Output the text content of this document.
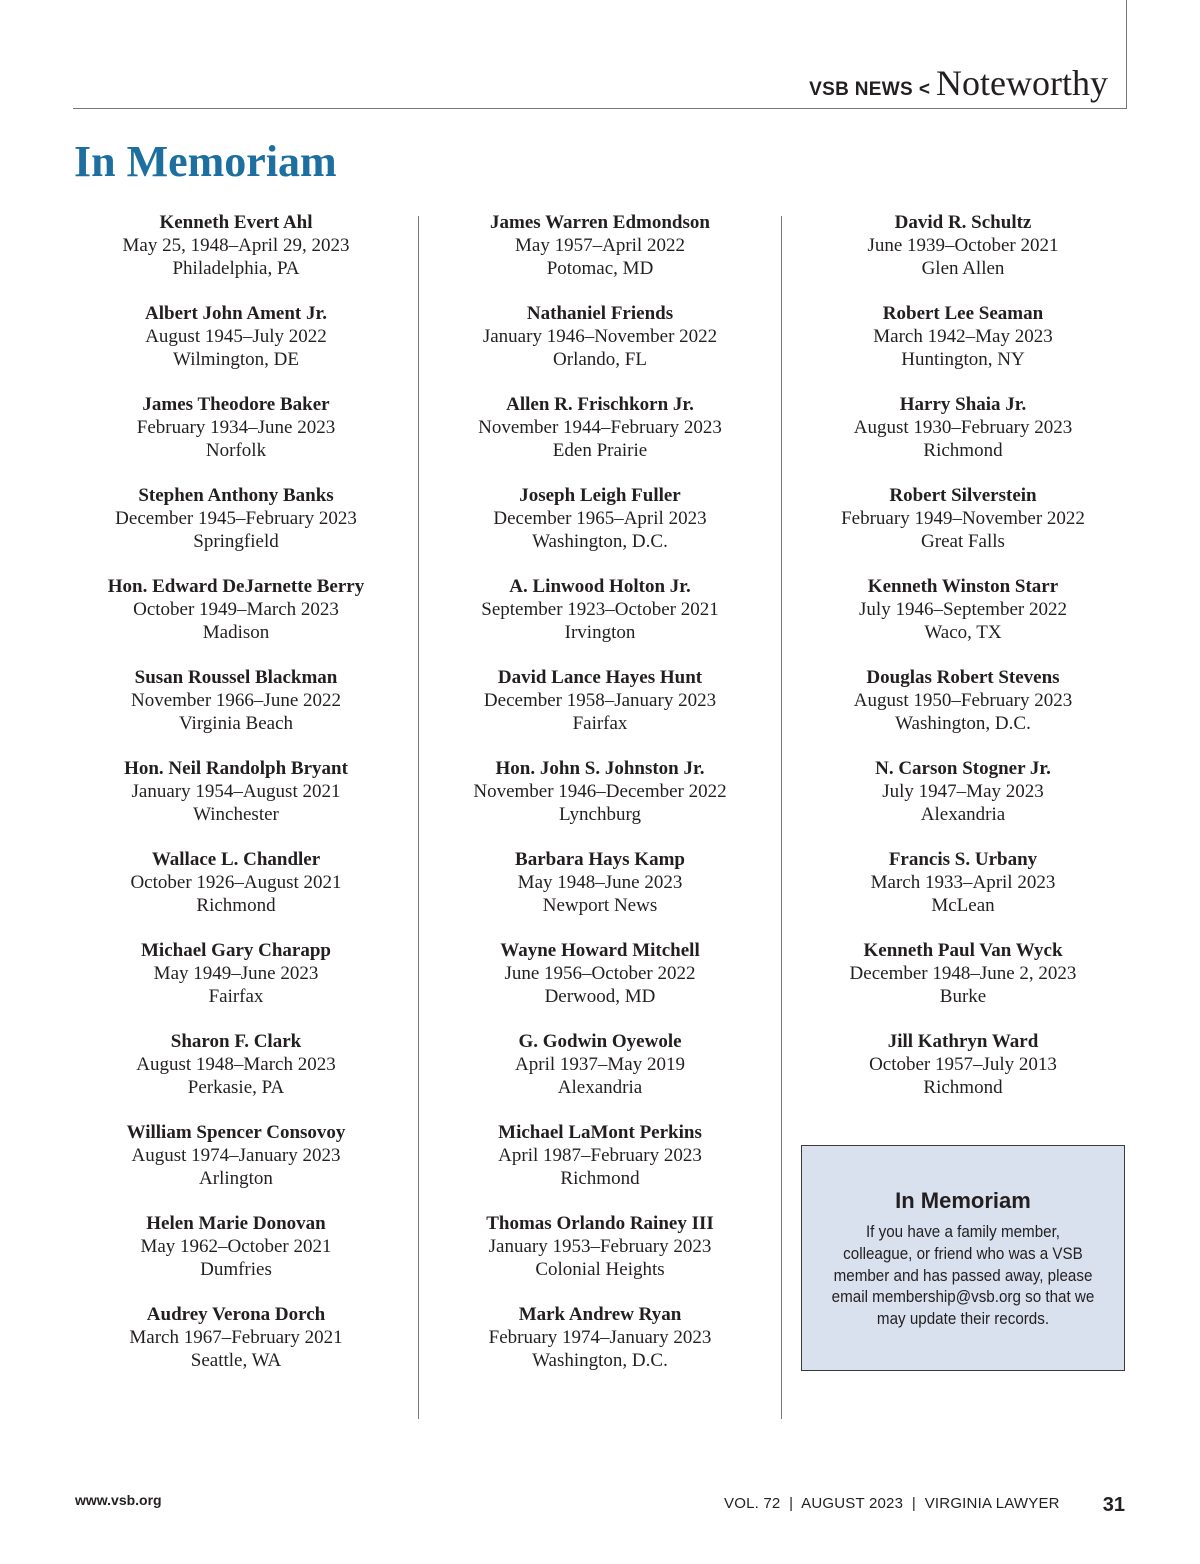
VSB NEWS < Noteworthy
In Memoriam
Kenneth Evert Ahl
May 25, 1948–April 29, 2023
Philadelphia, PA
Albert John Ament Jr.
August 1945–July 2022
Wilmington, DE
James Theodore Baker
February 1934–June 2023
Norfolk
Stephen Anthony Banks
December 1945–February 2023
Springfield
Hon. Edward DeJarnette Berry
October 1949–March 2023
Madison
Susan Roussel Blackman
November 1966–June 2022
Virginia Beach
Hon. Neil Randolph Bryant
January 1954–August 2021
Winchester
Wallace L. Chandler
October 1926–August 2021
Richmond
Michael Gary Charapp
May 1949–June 2023
Fairfax
Sharon F. Clark
August 1948–March 2023
Perkasie, PA
William Spencer Consovoy
August 1974–January 2023
Arlington
Helen Marie Donovan
May 1962–October 2021
Dumfries
Audrey Verona Dorch
March 1967–February 2021
Seattle, WA
James Warren Edmondson
May 1957–April 2022
Potomac, MD
Nathaniel Friends
January 1946–November 2022
Orlando, FL
Allen R. Frischkorn Jr.
November 1944–February 2023
Eden Prairie
Joseph Leigh Fuller
December 1965–April 2023
Washington, D.C.
A. Linwood Holton Jr.
September 1923–October 2021
Irvington
David Lance Hayes Hunt
December 1958–January 2023
Fairfax
Hon. John S. Johnston Jr.
November 1946–December 2022
Lynchburg
Barbara Hays Kamp
May 1948–June 2023
Newport News
Wayne Howard Mitchell
June 1956–October 2022
Derwood, MD
G. Godwin Oyewole
April 1937–May 2019
Alexandria
Michael LaMont Perkins
April 1987–February 2023
Richmond
Thomas Orlando Rainey III
January 1953–February 2023
Colonial Heights
Mark Andrew Ryan
February 1974–January 2023
Washington, D.C.
David R. Schultz
June 1939–October 2021
Glen Allen
Robert Lee Seaman
March 1942–May 2023
Huntington, NY
Harry Shaia Jr.
August 1930–February 2023
Richmond
Robert Silverstein
February 1949–November 2022
Great Falls
Kenneth Winston Starr
July 1946–September 2022
Waco, TX
Douglas Robert Stevens
August 1950–February 2023
Washington, D.C.
N. Carson Stogner Jr.
July 1947–May 2023
Alexandria
Francis S. Urbany
March 1933–April 2023
McLean
Kenneth Paul Van Wyck
December 1948–June 2, 2023
Burke
Jill Kathryn Ward
October 1957–July 2013
Richmond
In Memoriam
If you have a family member, colleague, or friend who was a VSB member and has passed away, please email membership@vsb.org so that we may update their records.
www.vsb.org	VOL. 72  |  AUGUST 2023  |  VIRGINIA LAWYER 31
